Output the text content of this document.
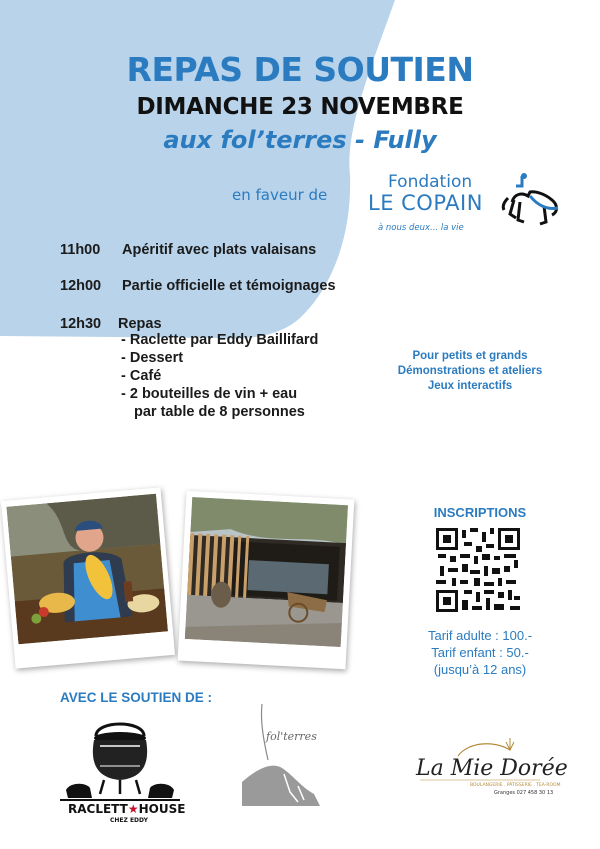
REPAS DE SOUTIEN
DIMANCHE 23 NOVEMBRE
aux fol’terres - Fully
en faveur de
Fondation
LE COPAIN
à nous deux... la vie
11h00 Apéritif avec plats valaisans
12h00 Partie officielle et témoignages
12h30 Repas
- Raclette par Eddy Baillifard
- Dessert
- Café
- 2 bouteilles de vin + eau
par table de 8 personnes
Pour petits et grands
Démonstrations et ateliers
Jeux interactifs
INSCRIPTIONS
Tarif adulte : 100.-
Tarif enfant : 50.-
(jusqu’à 12 ans)
AVEC LE SOUTIEN DE :
RACLETT★HOUSE
CHEZ EDDY
fol'terres
La Mie Dorée
BOULANGERIE . PÂTISSERIE . TEA-ROOM
Granges 027 458 30 13
